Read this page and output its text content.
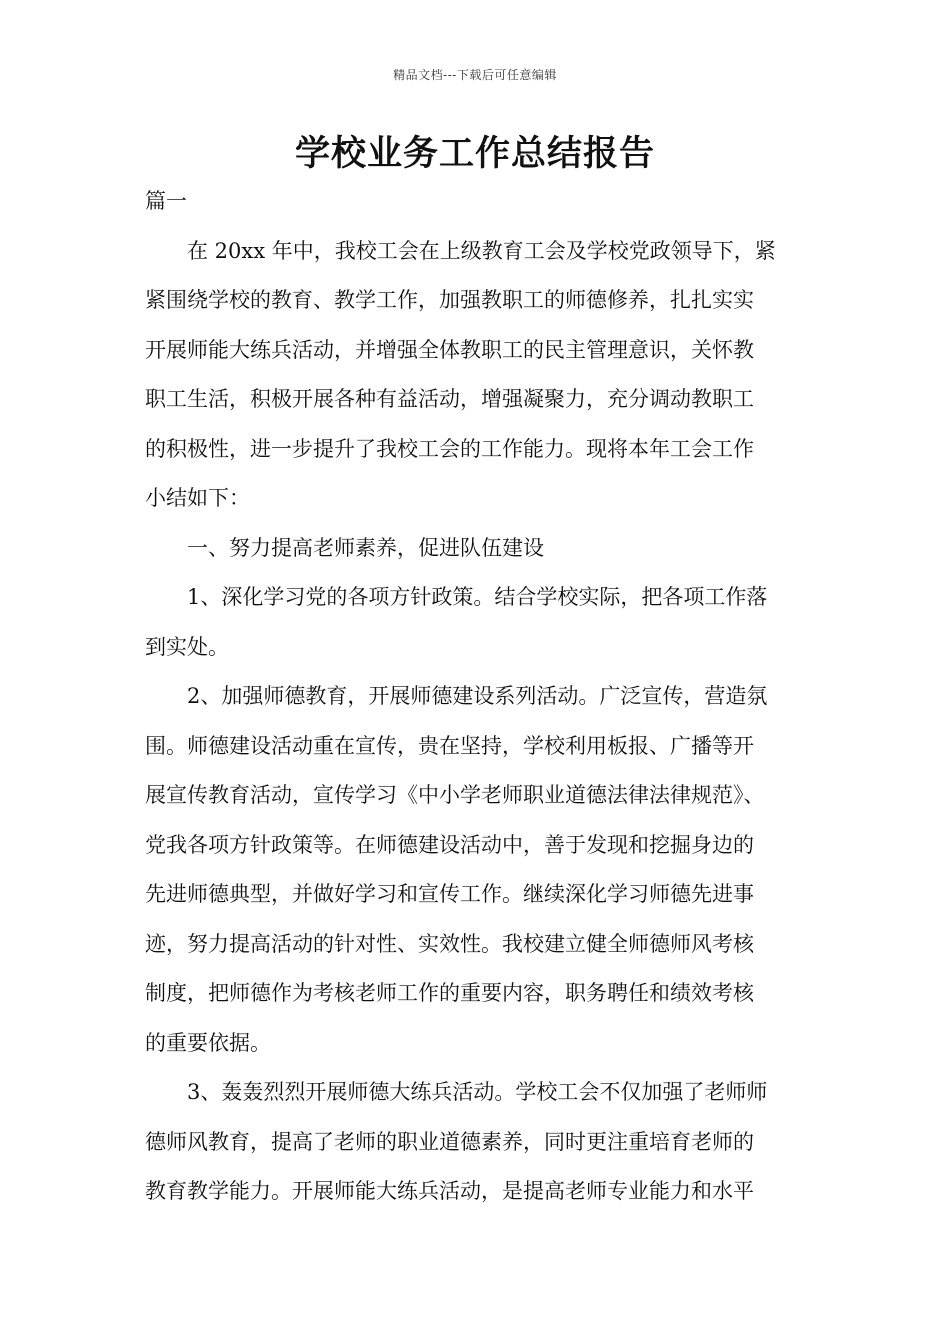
精品文档---下载后可任意编辑
学校业务工作总结报告
篇一
在 20xx 年中，我校工会在上级教育工会及学校党政领导下，紧
紧围绕学校的教育、教学工作，加强教职工的师德修养，扎扎实实
开展师能大练兵活动，并增强全体教职工的民主管理意识，关怀教
职工生活，积极开展各种有益活动，增强凝聚力，充分调动教职工
的积极性，进一步提升了我校工会的工作能力。现将本年工会工作
小结如下：
一、努力提高老师素养，促进队伍建设
1、深化学习党的各项方针政策。结合学校实际，把各项工作落
到实处。
2、加强师德教育，开展师德建设系列活动。广泛宣传，营造氛
围。师德建设活动重在宣传，贵在坚持，学校利用板报、广播等开
展宣传教育活动，宣传学习《中小学老师职业道德法律法律规范》、
党我各项方针政策等。在师德建设活动中，善于发现和挖掘身边的
先进师德典型，并做好学习和宣传工作。继续深化学习师德先进事
迹，努力提高活动的针对性、实效性。我校建立健全师德师风考核
制度，把师德作为考核老师工作的重要内容，职务聘任和绩效考核
的重要依据。
3、轰轰烈烈开展师德大练兵活动。学校工会不仅加强了老师师
德师风教育，提高了老师的职业道德素养，同时更注重培育老师的
教育教学能力。开展师能大练兵活动，是提高老师专业能力和水平
